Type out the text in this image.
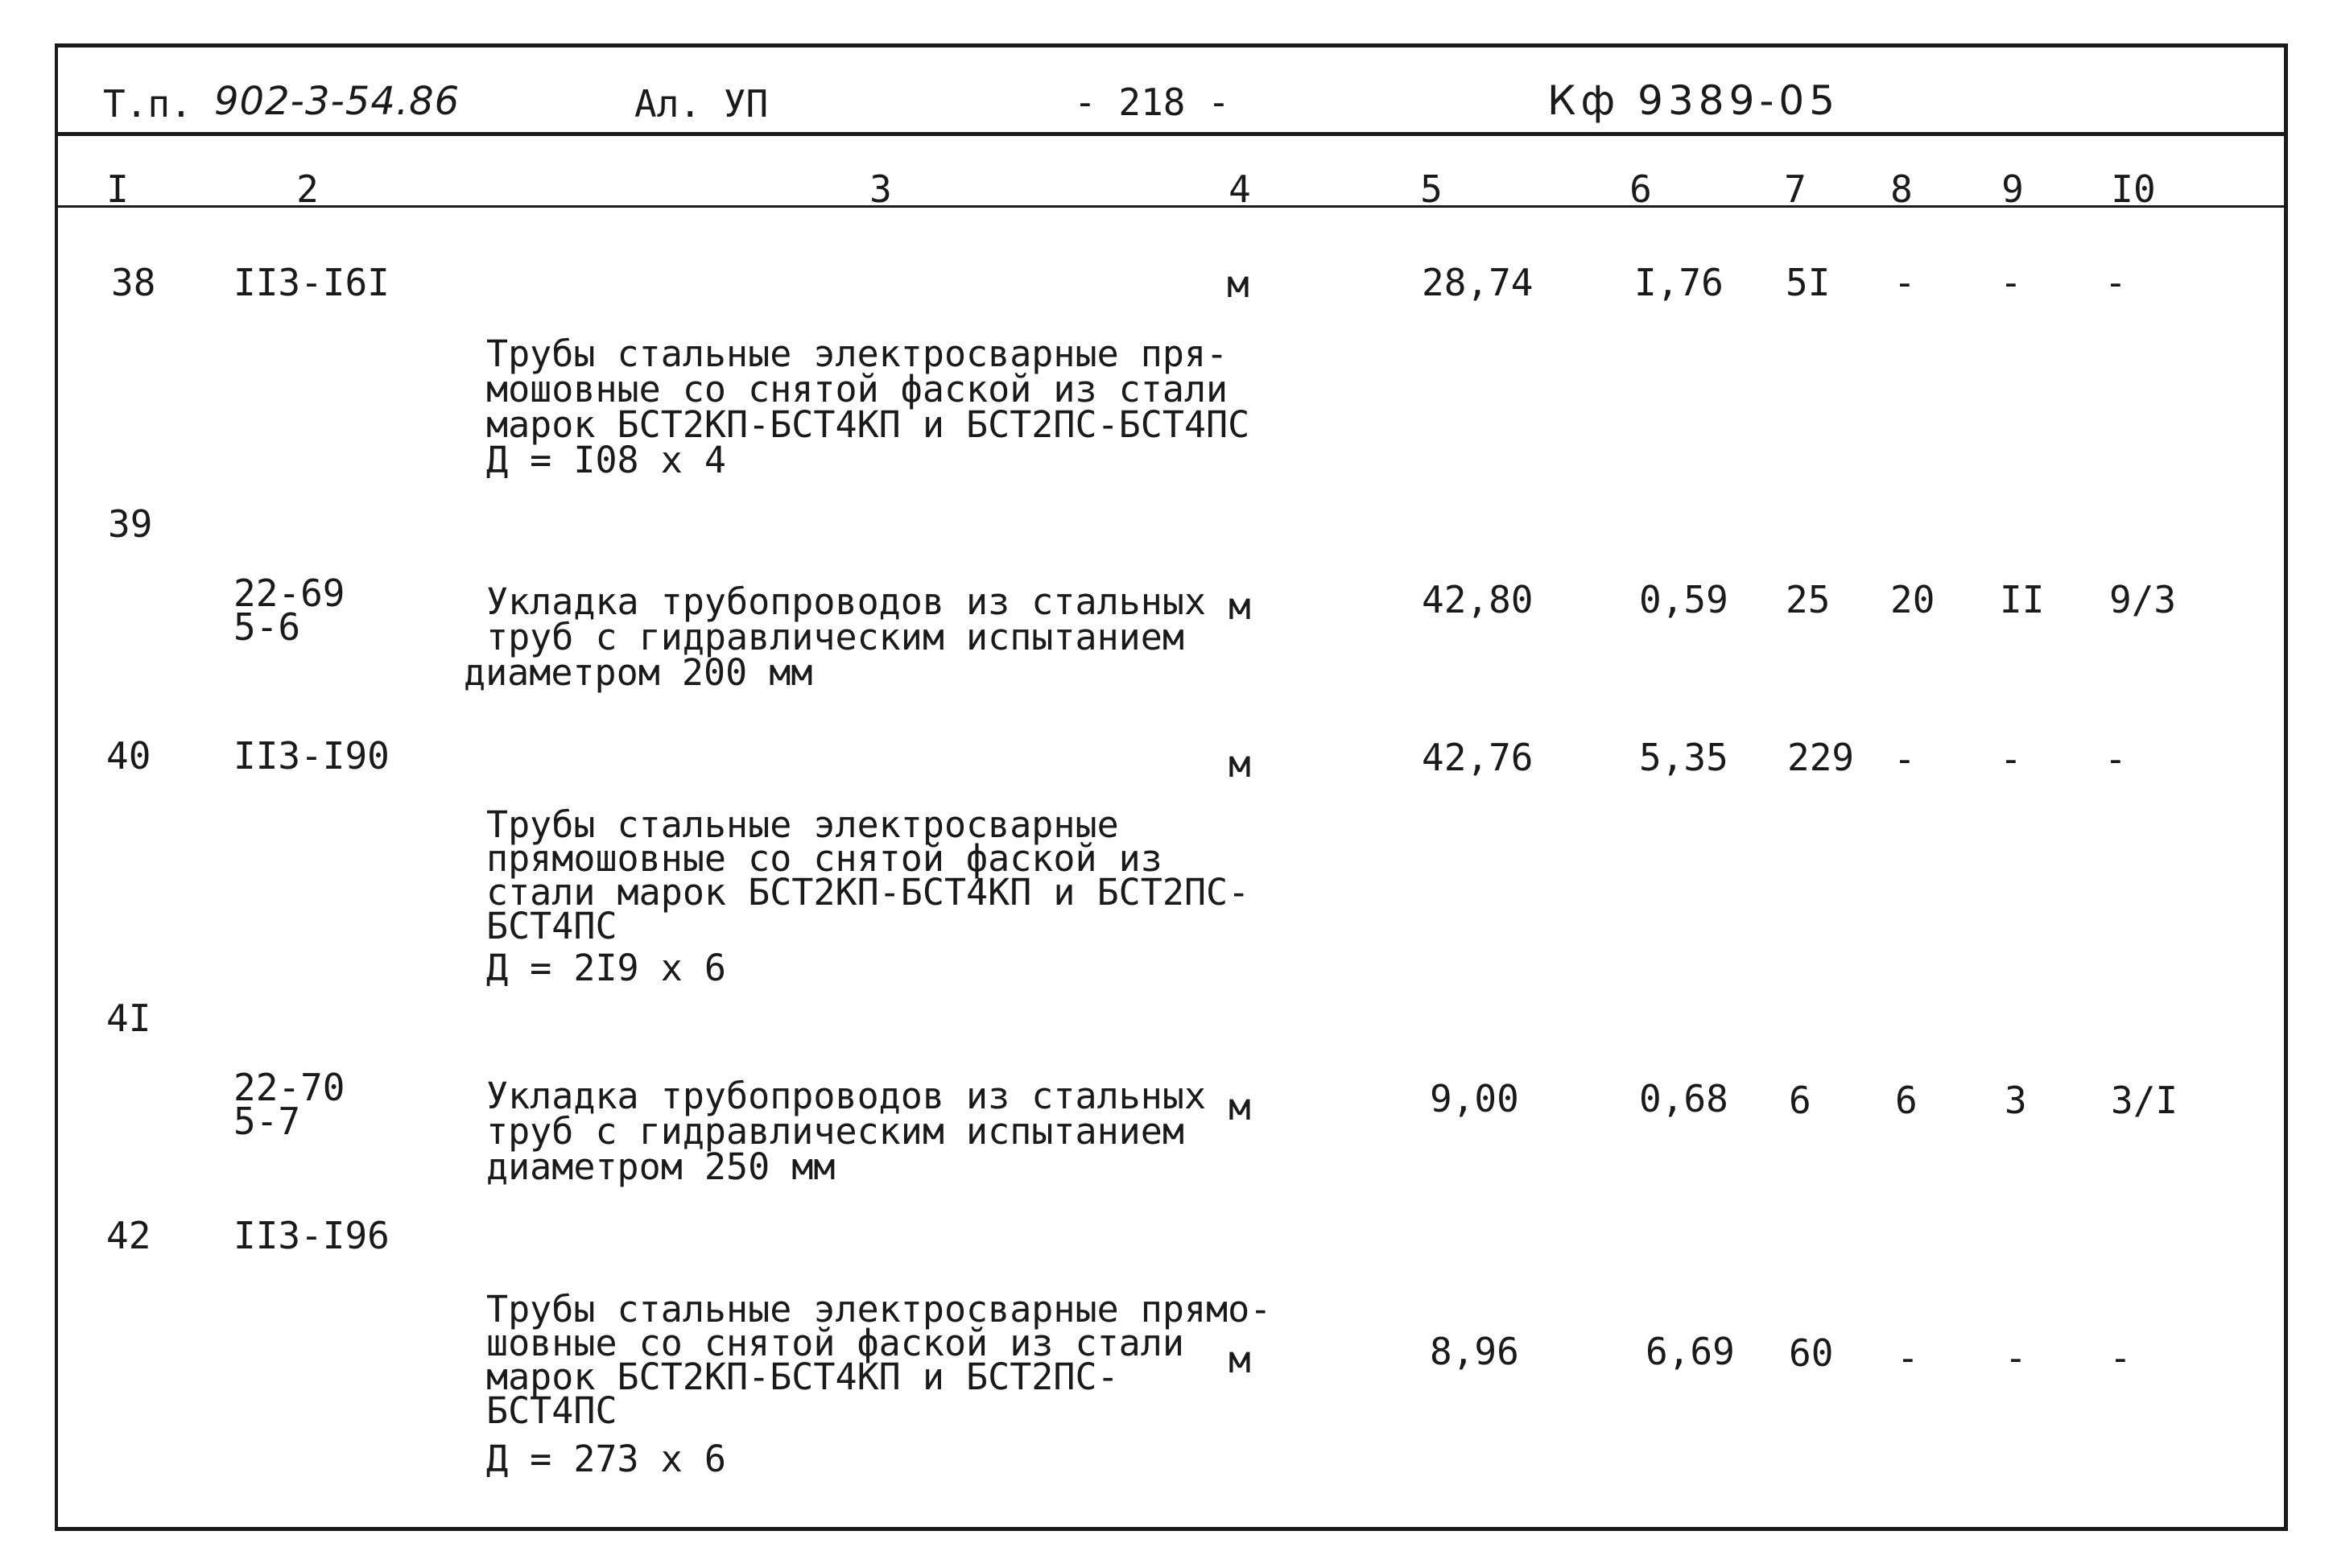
Т.п. 902-3-54.86	Ал. УП	- 218 -	Кф 9389-05
I	2	3	4	5	6	7	8	9	I0
38 II3-I6I

Трубы стальные электросварные пря-
мошовные со снятой фаской из стали
марок БСТ2КП-БСТ4КП и БСТ2ПС-БСТ4ПС
Д = I08 х 4

м	28,74	I,76 5I - - -
39

22-69
5-6

Укладка трубопроводов из стальных
труб с гидравлическим испытанием
диаметром 200 мм

м	42,80	0,59 25 20 II 9/3
40 II3-I90

Трубы стальные электросварные
прямошовные со снятой фаской из
стали марок БСТ2КП-БСТ4КП и БСТ2ПС-
БСТ4ПС
Д = 2I9 х 6

м	42,76	5,35 229 - - -
4I

22-70
5-7

Укладка трубопроводов из стальных
труб с гидравлическим испытанием
диаметром 250 мм

м	9,00	0,68 6 6 3 3/I
42 II3-I96

Трубы стальные электросварные прямо-
шовные со снятой фаской из стали
марок БСТ2КП-БСТ4КП и БСТ2ПС-
БСТ4ПС
Д = 273 х 6

м	8,96	6,69 60 - - -
